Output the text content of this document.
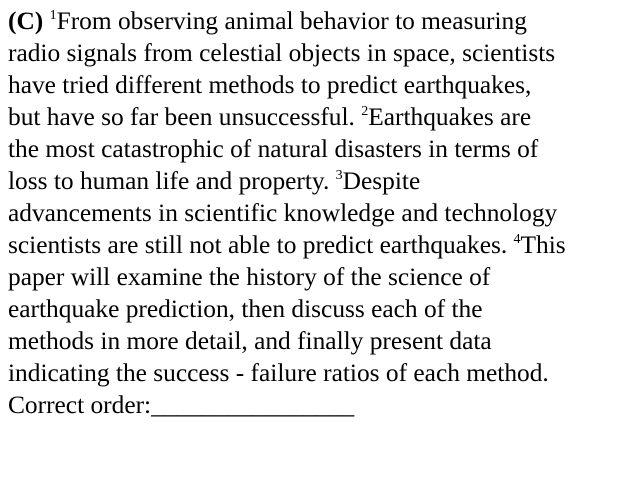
(C) $^1$From observing animal behavior to measuring
radio signals from celestial objects in space, scientists
have tried different methods to predict earthquakes,
but have so far been unsuccessful. $^2$Earthquakes are
the most catastrophic of natural disasters in terms of
loss to human life and property. $^3$Despite
advancements in scientific knowledge and technology
scientists are still not able to predict earthquakes. $^4$This
paper will examine the history of the science of
earthquake prediction, then discuss each of the
methods in more detail, and finally present data
indicating the success - failure ratios of each method.
Correct order:________________
